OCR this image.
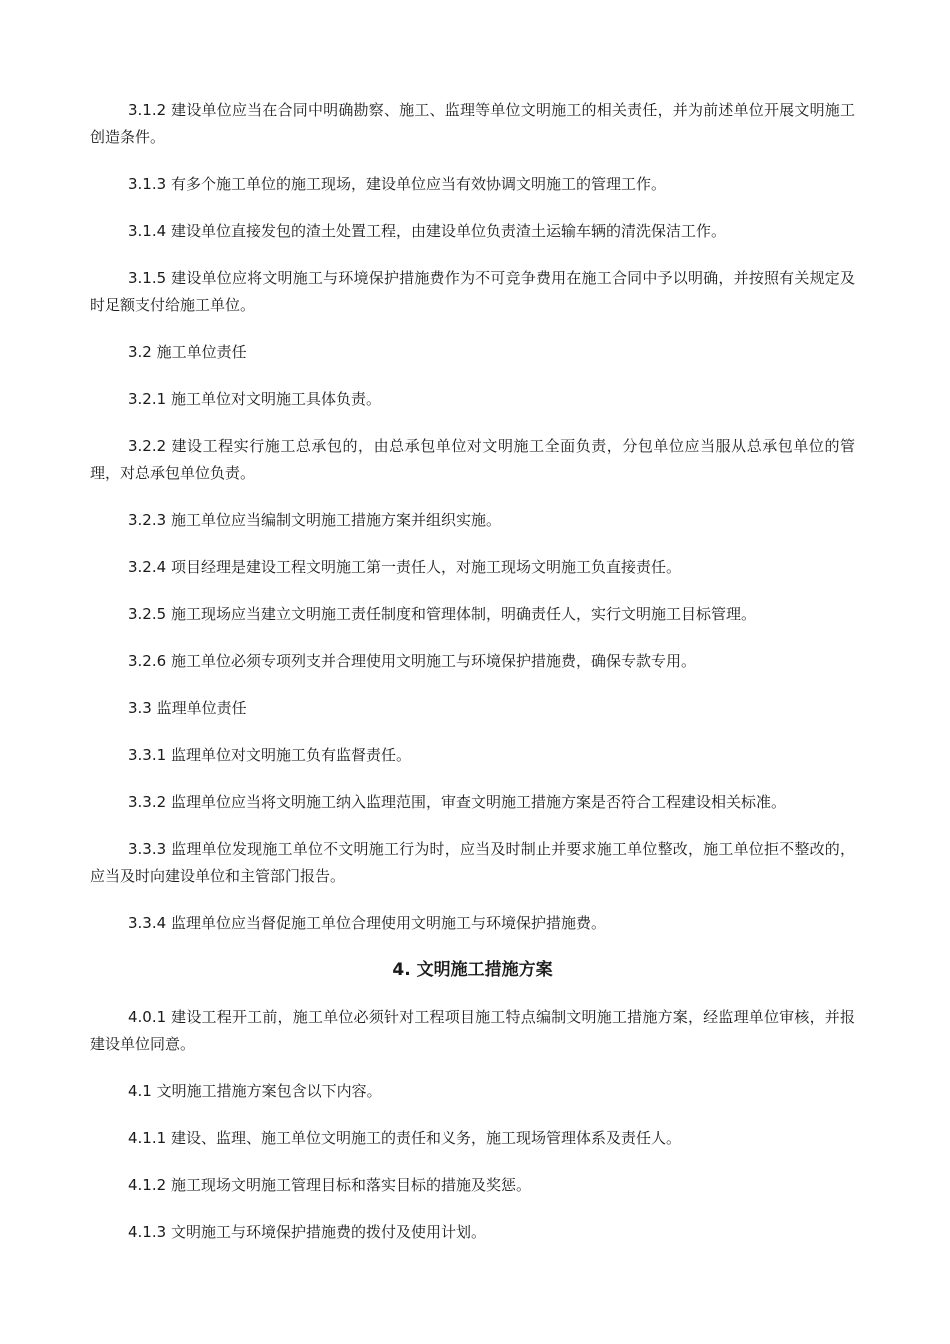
3.1.2 建设单位应当在合同中明确勘察、施工、监理等单位文明施工的相关责任，并为前述单位开展文明施工创造条件。

3.1.3 有多个施工单位的施工现场，建设单位应当有效协调文明施工的管理工作。

3.1.4 建设单位直接发包的渣土处置工程，由建设单位负责渣土运输车辆的清洗保洁工作。

3.1.5 建设单位应将文明施工与环境保护措施费作为不可竞争费用在施工合同中予以明确，并按照有关规定及时足额支付给施工单位。

3.2 施工单位责任

3.2.1 施工单位对文明施工具体负责。

3.2.2 建设工程实行施工总承包的，由总承包单位对文明施工全面负责，分包单位应当服从总承包单位的管理，对总承包单位负责。

3.2.3 施工单位应当编制文明施工措施方案并组织实施。

3.2.4 项目经理是建设工程文明施工第一责任人，对施工现场文明施工负直接责任。

3.2.5 施工现场应当建立文明施工责任制度和管理体制，明确责任人，实行文明施工目标管理。

3.2.6 施工单位必须专项列支并合理使用文明施工与环境保护措施费，确保专款专用。

3.3 监理单位责任

3.3.1 监理单位对文明施工负有监督责任。

3.3.2 监理单位应当将文明施工纳入监理范围，审查文明施工措施方案是否符合工程建设相关标准。

3.3.3 监理单位发现施工单位不文明施工行为时，应当及时制止并要求施工单位整改，施工单位拒不整改的，应当及时向建设单位和主管部门报告。

3.3.4 监理单位应当督促施工单位合理使用文明施工与环境保护措施费。

4. 文明施工措施方案

4.0.1 建设工程开工前，施工单位必须针对工程项目施工特点编制文明施工措施方案，经监理单位审核，并报建设单位同意。

4.1 文明施工措施方案包含以下内容。

4.1.1 建设、监理、施工单位文明施工的责任和义务，施工现场管理体系及责任人。

4.1.2 施工现场文明施工管理目标和落实目标的措施及奖惩。

4.1.3 文明施工与环境保护措施费的拨付及使用计划。
